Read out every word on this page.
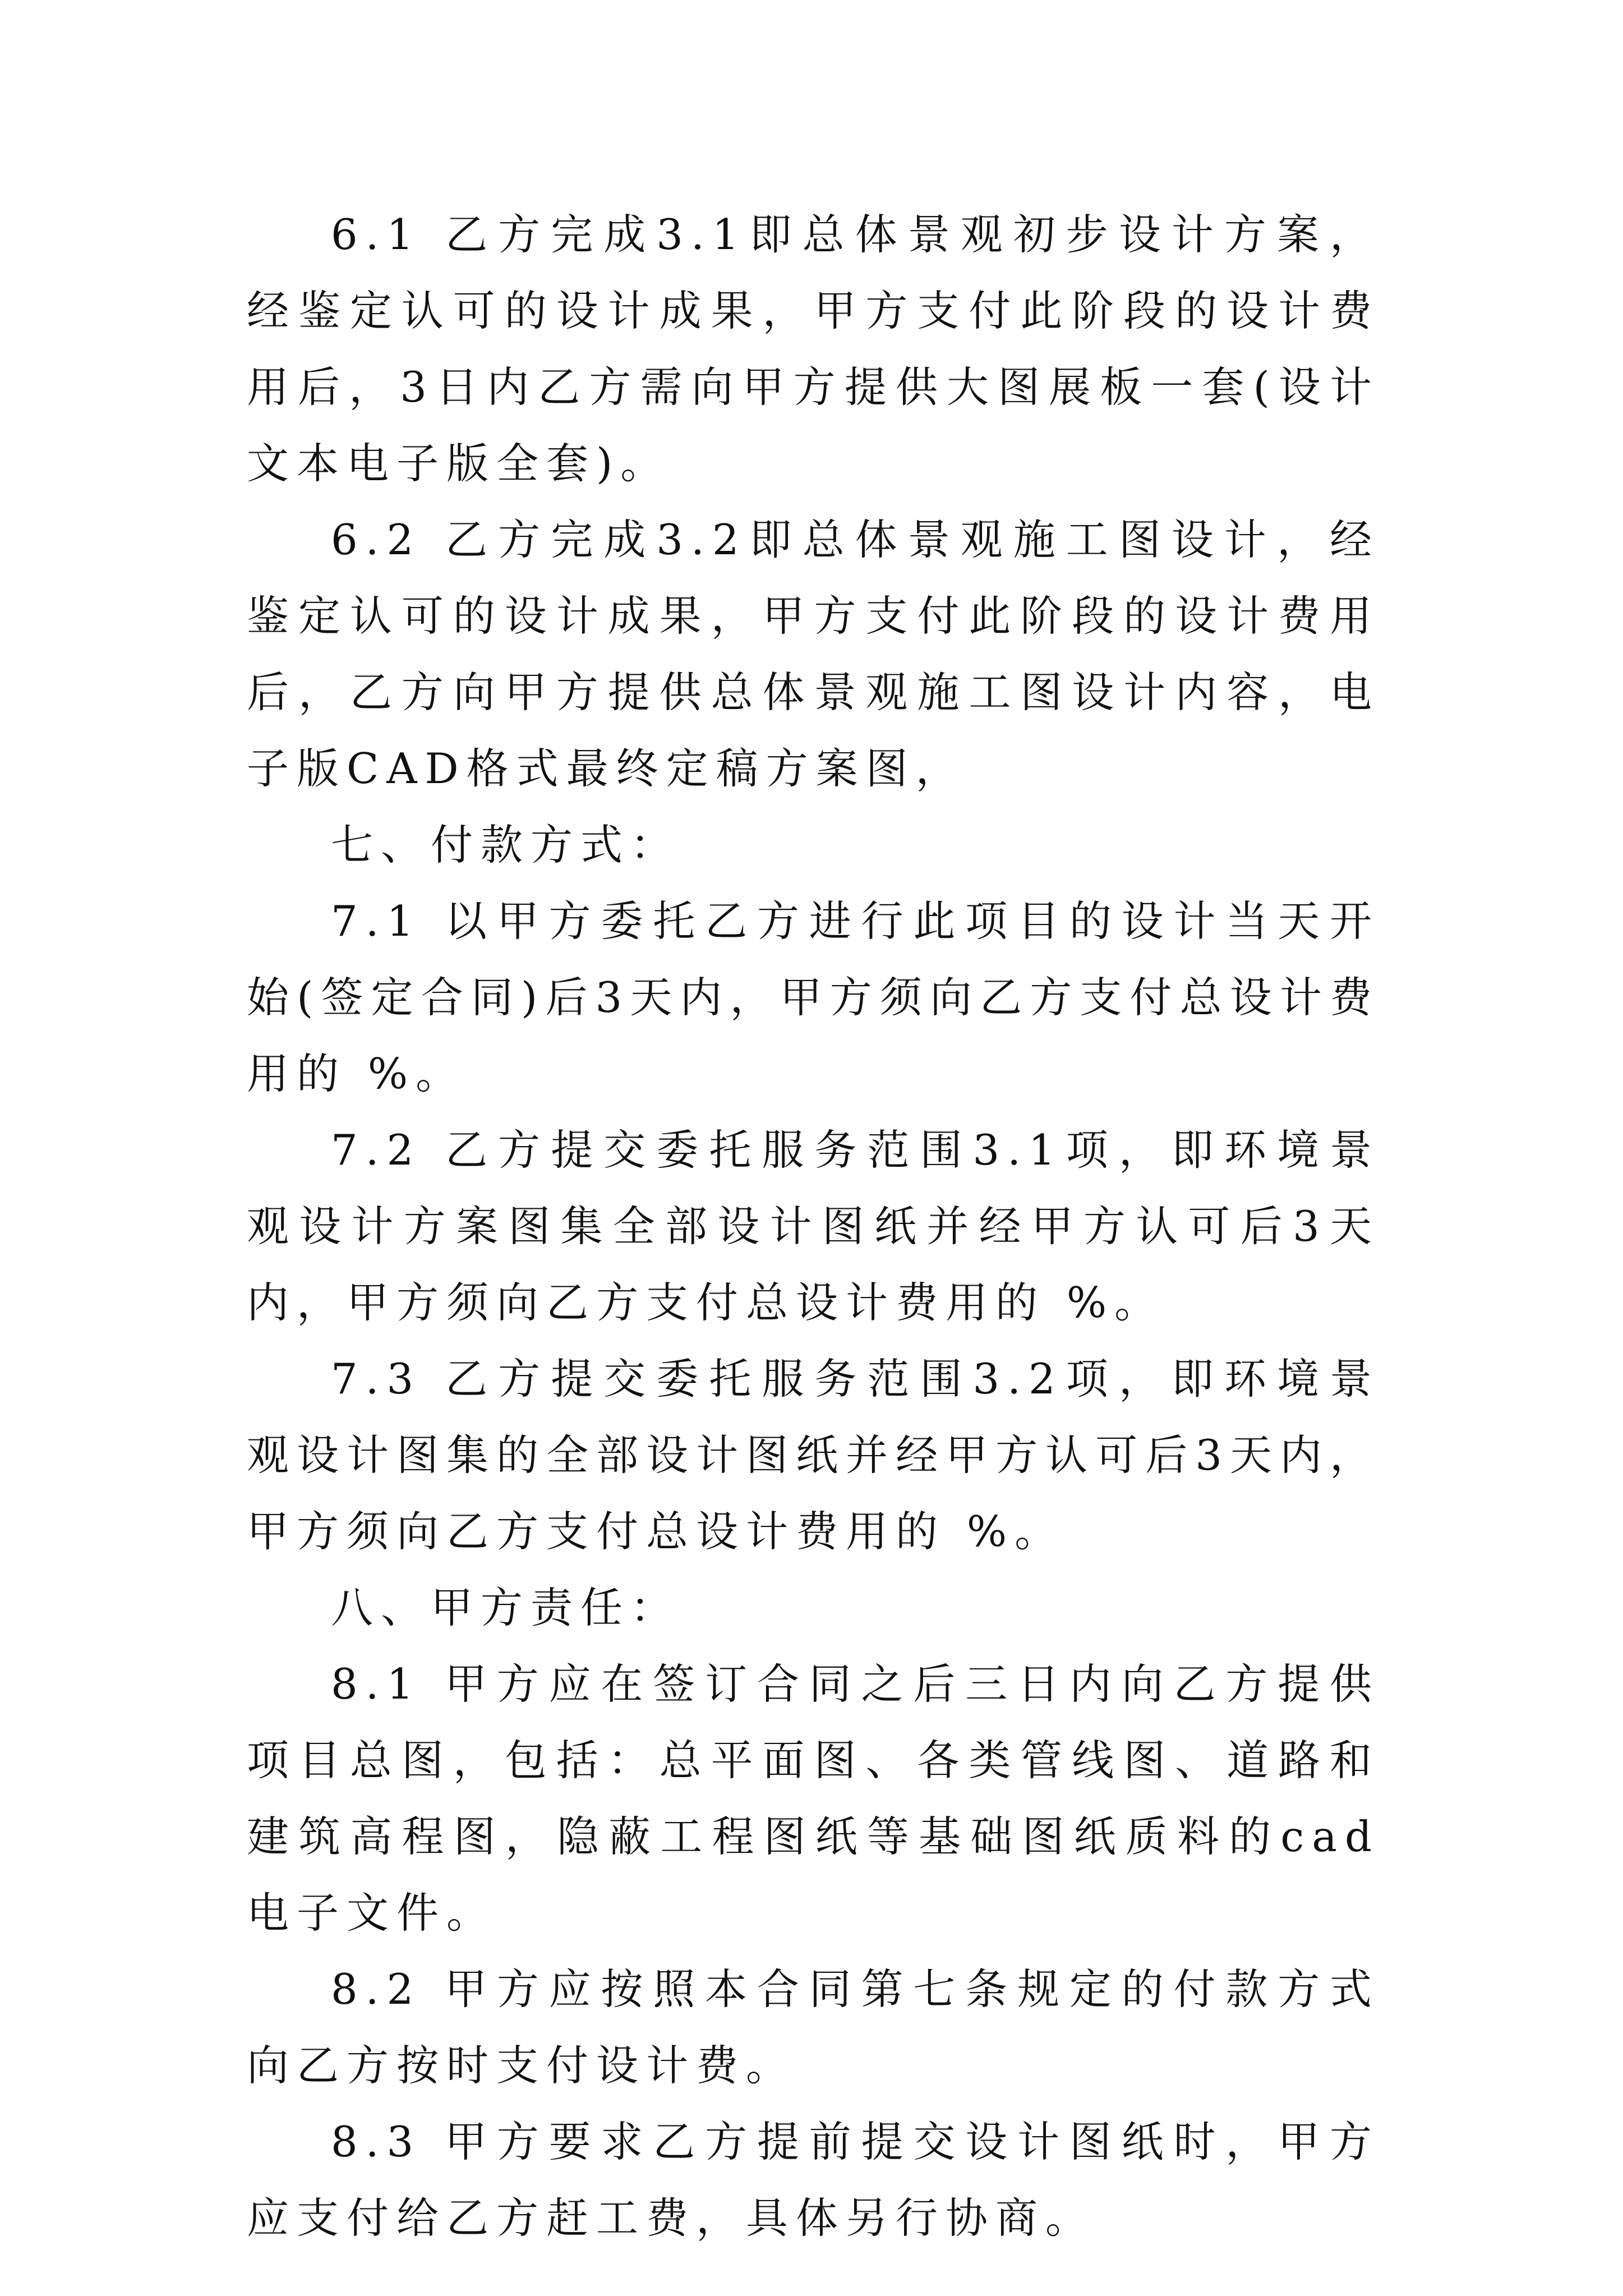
6.1 乙方完成3.1即总体景观初步设计方案，经鉴定认可的设计成果，甲方支付此阶段的设计费用后，3日内乙方需向甲方提供大图展板一套(设计文本电子版全套)。

6.2 乙方完成3.2即总体景观施工图设计，经鉴定认可的设计成果，甲方支付此阶段的设计费用后，乙方向甲方提供总体景观施工图设计内容，电子版CAD格式最终定稿方案图，

七、付款方式：

7.1 以甲方委托乙方进行此项目的设计当天开始(签定合同)后3天内，甲方须向乙方支付总设计费用的 %。

7.2 乙方提交委托服务范围3.1项，即环境景观设计方案图集全部设计图纸并经甲方认可后3天内，甲方须向乙方支付总设计费用的 %。

7.3 乙方提交委托服务范围3.2项，即环境景观设计图集的全部设计图纸并经甲方认可后3天内，甲方须向乙方支付总设计费用的 %。

八、甲方责任：

8.1 甲方应在签订合同之后三日内向乙方提供项目总图，包括：总平面图、各类管线图、道路和建筑高程图，隐蔽工程图纸等基础图纸质料的cad电子文件。

8.2 甲方应按照本合同第七条规定的付款方式向乙方按时支付设计费。

8.3 甲方要求乙方提前提交设计图纸时，甲方应支付给乙方赶工费，具体另行协商。
